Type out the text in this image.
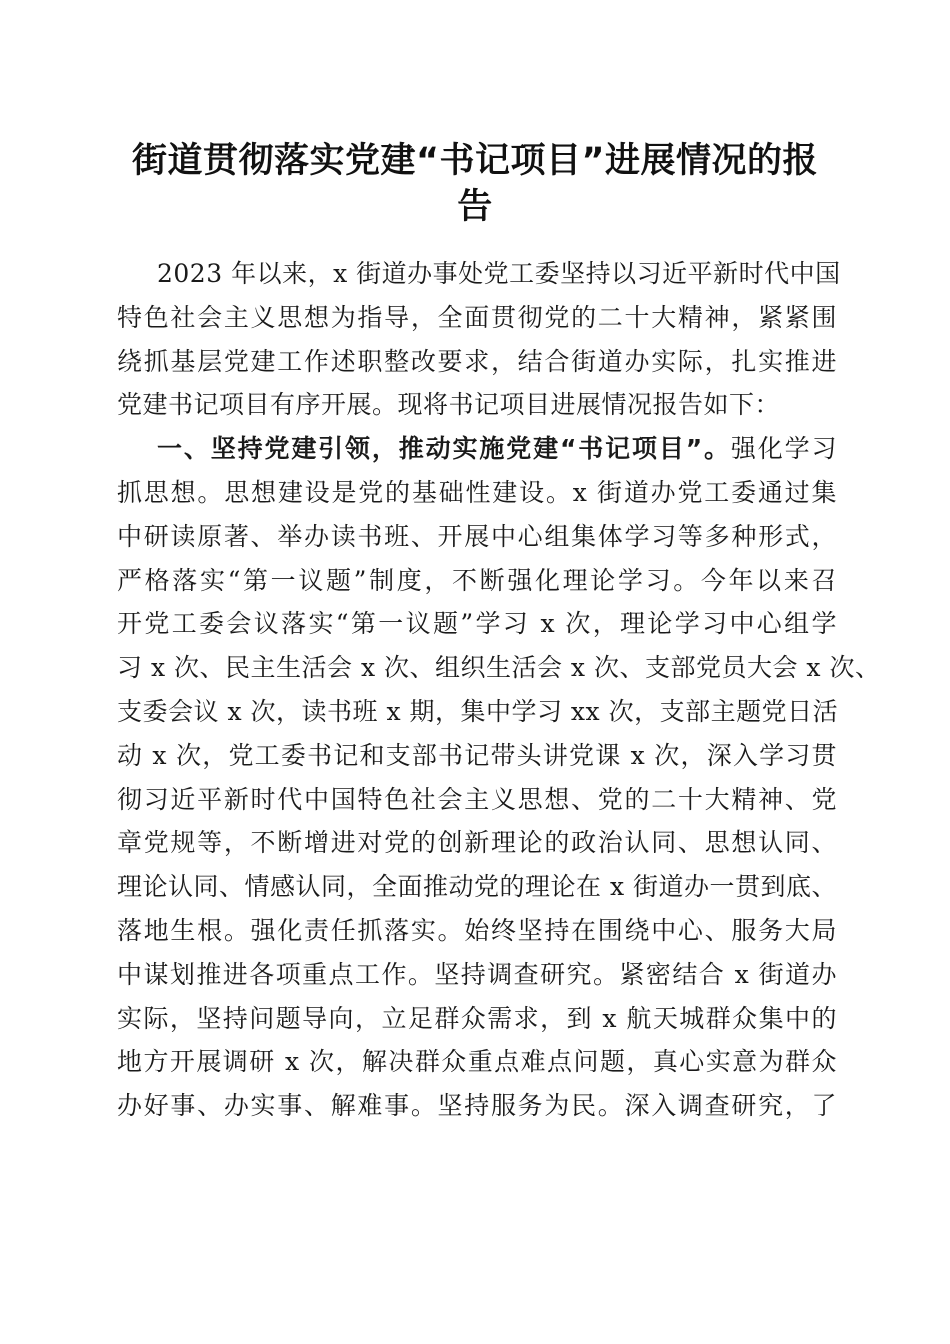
街道贯彻落实党建“书记项目”进展情况的报
告
2023 年以来，x 街道办事处党工委坚持以习近平新时代中国
特色社会主义思想为指导，全面贯彻党的二十大精神，紧紧围
绕抓基层党建工作述职整改要求，结合街道办实际，扎实推进
党建书记项目有序开展。现将书记项目进展情况报告如下：
一、坚持党建引领，推动实施党建“书记项目”。强化学习
抓思想。思想建设是党的基础性建设。x 街道办党工委通过集
中研读原著、举办读书班、开展中心组集体学习等多种形式，
严格落实“第一议题”制度，不断强化理论学习。今年以来召
开党工委会议落实“第一议题”学习 x 次，理论学习中心组学
习 x 次、民主生活会 x 次、组织生活会 x 次、支部党员大会 x 次、
支委会议 x 次，读书班 x 期，集中学习 xx 次，支部主题党日活
动 x 次，党工委书记和支部书记带头讲党课 x 次，深入学习贯
彻习近平新时代中国特色社会主义思想、党的二十大精神、党
章党规等，不断增进对党的创新理论的政治认同、思想认同、
理论认同、情感认同，全面推动党的理论在 x 街道办一贯到底、
落地生根。强化责任抓落实。始终坚持在围绕中心、服务大局
中谋划推进各项重点工作。坚持调查研究。紧密结合 x 街道办
实际，坚持问题导向，立足群众需求，到 x 航天城群众集中的
地方开展调研 x 次，解决群众重点难点问题，真心实意为群众
办好事、办实事、解难事。坚持服务为民。深入调查研究，了
